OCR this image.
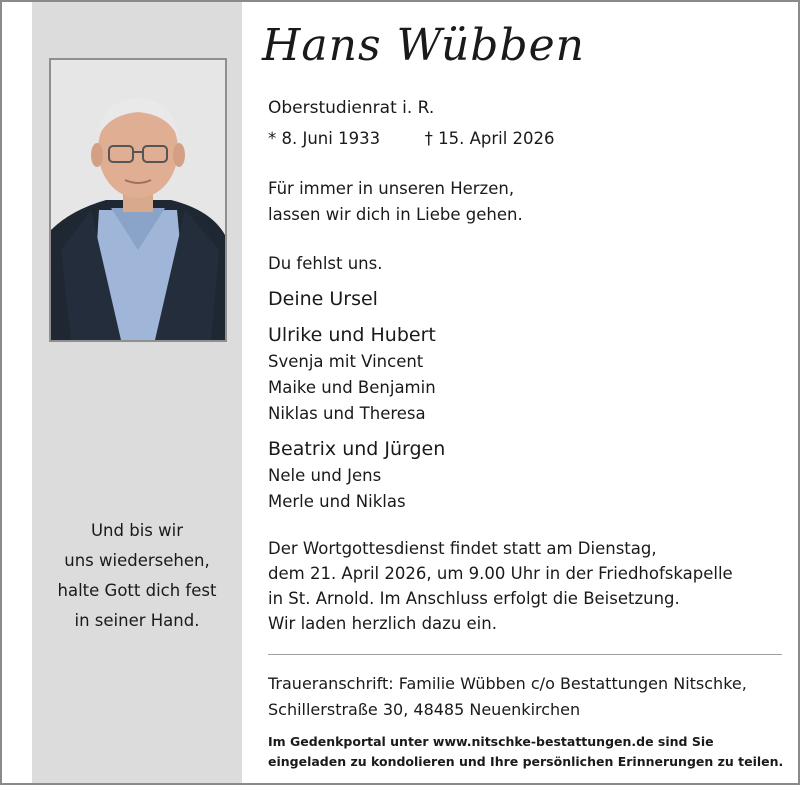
Und bis wir
uns wiedersehen,
halte Gott dich fest
in seiner Hand.
Hans Wübben
Oberstudienrat i. R.
* 8. Juni 1933	† 15. April 2026
Für immer in unseren Herzen,
lassen wir dich in Liebe gehen.
Du fehlst uns.
Deine Ursel
Ulrike und Hubert
Svenja mit Vincent
Maike und Benjamin
Niklas und Theresa
Beatrix und Jürgen
Nele und Jens
Merle und Niklas
Der Wortgottesdienst findet statt am Dienstag,
dem 21. April 2026, um 9.00 Uhr in der Friedhofskapelle
in St. Arnold. Im Anschluss erfolgt die Beisetzung.
Wir laden herzlich dazu ein.
Traueranschrift: Familie Wübben c/o Bestattungen Nitschke,
Schillerstraße 30, 48485 Neuenkirchen
Im Gedenkportal unter www.nitschke-bestattungen.de sind Sie
eingeladen zu kondolieren und Ihre persönlichen Erinnerungen zu teilen.
